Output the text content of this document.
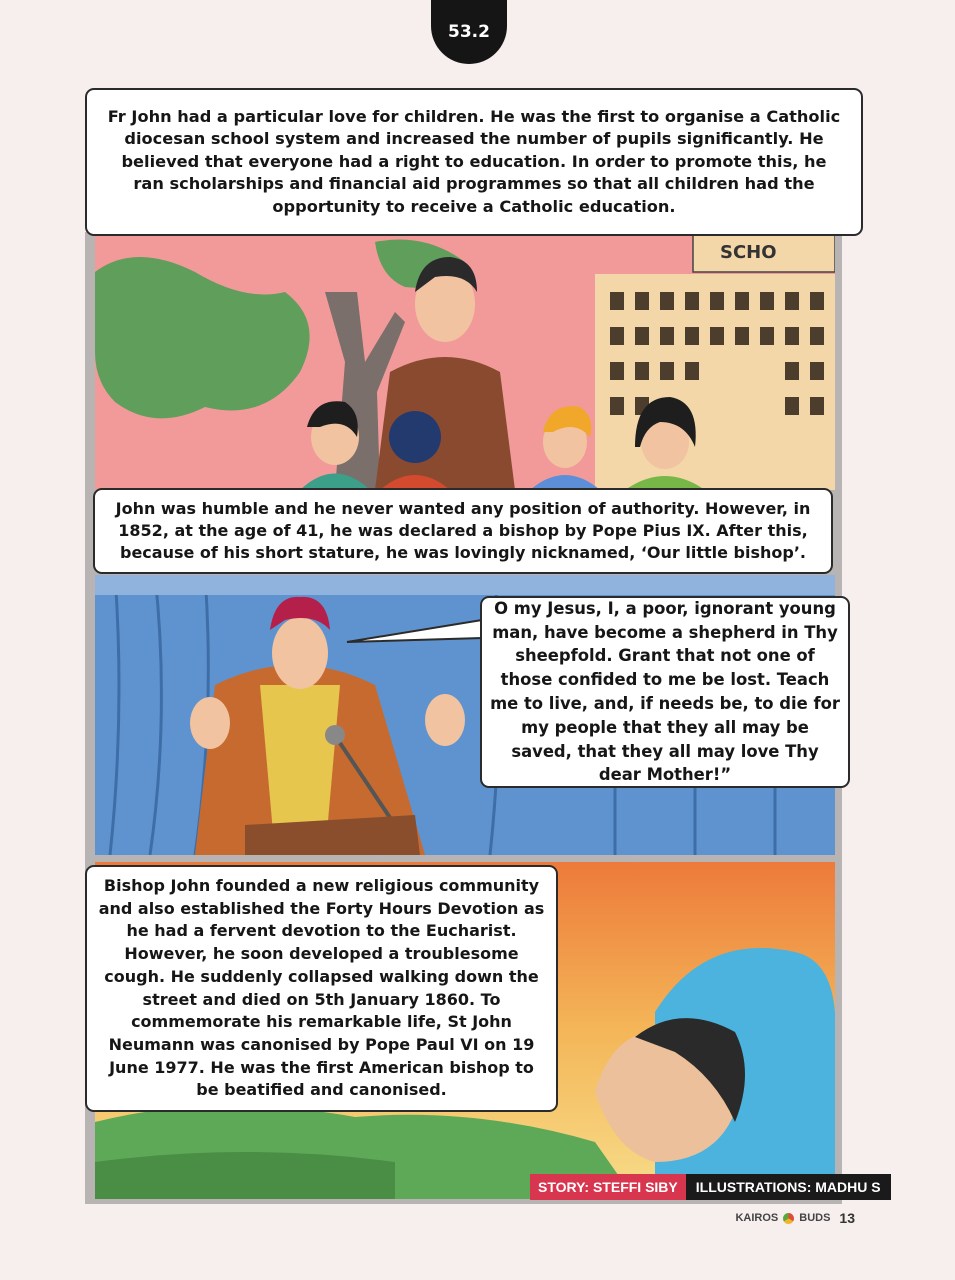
53.2
SCHO
Fr John had a particular love for children. He was the first to organise a Catholic diocesan school system and increased the number of pupils significantly. He believed that everyone had a right to education. In order to promote this, he ran scholarships and financial aid programmes so that all children had the opportunity to receive a Catholic education.
John was humble and he never wanted any position of authority. However, in 1852, at the age of 41, he was declared a bishop by Pope Pius IX. After this, because of his short stature, he was lovingly nicknamed, ‘Our little bishop’.
O my Jesus, I, a poor, ignorant young man, have become a shepherd in Thy sheepfold. Grant that not one of those confided to me be lost. Teach me to live, and, if needs be, to die for my people that they all may be saved, that they all may love Thy dear Mother!”
Bishop John founded a new religious community and also established the Forty Hours Devotion as he had a fervent devotion to the Eucharist. However, he soon developed a troublesome cough. He suddenly collapsed walking down the street and died on 5th January 1860. To commemorate his remarkable life, St John Neumann was canonised by Pope Paul VI on 19 June 1977. He was the first American bishop to be beatified and canonised.
STORY: STEFFI SIBY	ILLUSTRATIONS: MADHU S
KAIROS BUDS 13
